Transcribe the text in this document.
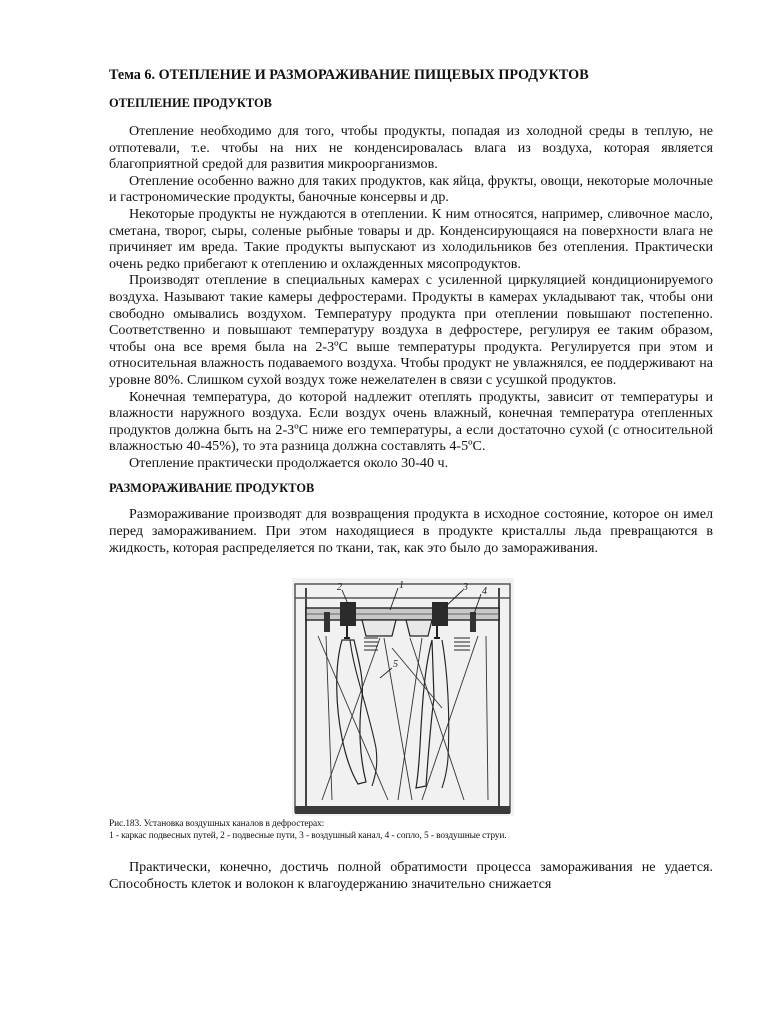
Тема 6. ОТЕПЛЕНИЕ И РАЗМОРАЖИВАНИЕ ПИЩЕВЫХ ПРОДУКТОВ
ОТЕПЛЕНИЕ ПРОДУКТОВ

Отепление необходимо для того, чтобы продукты, попадая из холодной среды в теплую, не отпотевали, т.е. чтобы на них не конденсировалась влага из воздуха, которая является благоприятной средой для развития микроорганизмов.

Отепление особенно важно для таких продуктов, как яйца, фрукты, овощи, некоторые молочные и гастрономические продукты, баночные консервы и др.

Некоторые продукты не нуждаются в отеплении. К ним относятся, например, сливочное масло, сметана, творог, сыры, соленые рыбные товары и др. Конденсирующаяся на поверхности влага не причиняет им вреда. Такие продукты выпускают из холодильников без отепления. Практически очень редко прибегают к отеплению и охлажденных мясопродуктов.

Производят отепление в специальных камерах с усиленной циркуляцией кондиционируемого воздуха. Называют такие камеры дефростерами. Продукты в камерах укладывают так, чтобы они свободно омывались воздухом. Температуру продукта при отеплении повышают постепенно. Соответственно и повышают температуру воздуха в дефростере, регулируя ее таким образом, чтобы она все время была на 2-3ºС выше температуры продукта. Регулируется при этом и относительная влажность подаваемого воздуха. Чтобы продукт не увлажнялся, ее поддерживают на уровне 80%. Слишком сухой воздух тоже нежелателен в связи с усушкой продуктов.

Конечная температура, до которой надлежит отеплять продукты, зависит от температуры и влажности наружного воздуха. Если воздух очень влажный, конечная температура отепленных продуктов должна быть на 2-3ºС ниже его температуры, а если достаточно сухой (с относительной влажностью 40-45%), то эта разница должна составлять 4-5ºС.

Отепление практически продолжается около 30-40 ч.

РАЗМОРАЖИВАНИЕ ПРОДУКТОВ

Размораживание производят для возвращения продукта в исходное состояние, которое он имел перед замораживанием. При этом находящиеся в продукте кристаллы льда превращаются в жидкость, которая распределяется по ткани, так, как это было до замораживания.

1
2	3 4
5
Рис.183. Установка воздушных каналов в дефростерах:
1 - каркас подвесных путей, 2 - подвесные пути, 3 - воздушный канал, 4 - сопло, 5 - воздушные струи.

Практически, конечно, достичь полной обратимости процесса замораживания не удается. Способность клеток и волокон к влагоудержанию значительно снижается
